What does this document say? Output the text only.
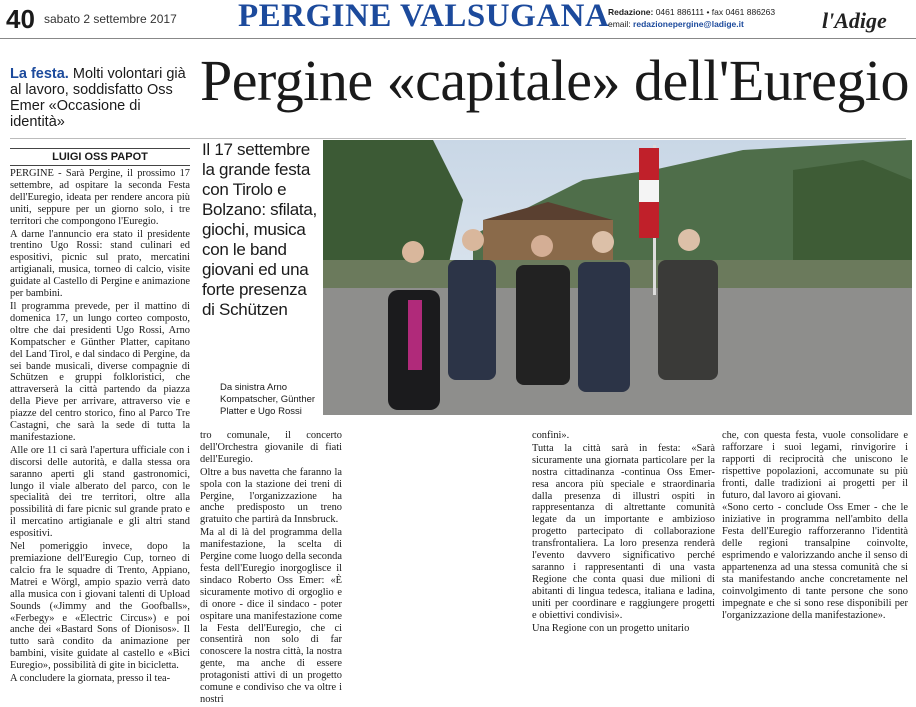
40 sabato 2 settembre 2017 PERGINE VALSUGANA
Redazione: 0461 886111 • fax 0461 886263
email: redazionepergine@ladige.it	l'Adige
La festa. Molti volontari già al lavoro, soddisfatto Oss Emer «Occasione di identità»
Pergine «capitale» dell'Euregio
LUIGI OSS PAPOT	Il 17 settembre la grande festa con Tirolo e Bolzano: sfilata, giochi, musica con le band giovani ed una forte presenza di Schützen
Da sinistra Arno Kompatscher, Günther Platter e Ugo Rossi

PERGINE - Sarà Pergine, il prossimo 17 settembre, ad ospitare la seconda Festa dell'Euregio, ideata per rendere ancora più uniti, seppure per un giorno solo, i tre territori che compongono l'Euregio.

A darne l'annuncio era stato il presidente trentino Ugo Rossi: stand culinari ed espositivi, picnic sul prato, mercatini artigianali, musica, torneo di calcio, visite guidate al Castello di Pergine e animazione per bambini.

Il programma prevede, per il mattino di domenica 17, un lungo corteo composto, oltre che dai presidenti Ugo Rossi, Arno Kompatscher e Günther Platter, capitano del Land Tirol, e dal sindaco di Pergine, da sei bande musicali, diverse compagnie di Schützen e gruppi folkloristici, che attraverserà la città partendo da piazza della Pieve per arrivare, attraverso vie e piazze del centro storico, fino al Parco Tre Castagni, che sarà la sede di tutta la manifestazione.

Alle ore 11 ci sarà l'apertura ufficiale con i discorsi delle autorità, e dalla stessa ora saranno aperti gli stand gastronomici, lungo il viale alberato del parco, con le specialità dei tre territori, oltre alla possibilità di fare picnic sul grande prato e il mercatino artigianale e gli altri stand espositivi.

Nel pomeriggio invece, dopo la premiazione dell'Euregio Cup, torneo di calcio fra le squadre di Trento, Appiano, Matrei e Wörgl, ampio spazio verrà dato alla musica con i giovani talenti di Upload Sounds («Jimmy and the Goofballs», «Ferbegy» e «Electric Circus») e poi anche dei «Bastard Sons of Dionisos». Il tutto sarà condito da animazione per bambini, visite guidate al castello e «Bici Euregio», possibilità di gite in bicicletta.

A concludere la giornata, presso il tea-

tro comunale, il concerto dell'Orchestra giovanile di fiati dell'Euregio.

Oltre a bus navetta che faranno la spola con la stazione dei treni di Pergine, l'organizzazione ha anche predisposto un treno gratuito che partirà da Innsbruck.

Ma al di là del programma della manifestazione, la scelta di Pergine come luogo della seconda festa dell'Euregio inorgoglisce il sindaco Roberto Oss Emer: «È sicuramente motivo di orgoglio e di onore - dice il sindaco - poter ospitare una manifestazione come la Festa dell'Euregio, che ci consentirà non solo di far conoscere la nostra città, la nostra gente, ma anche di essere protagonisti attivi di un progetto comune e condiviso che va oltre i nostri

confini».

Tutta la città sarà in festa: «Sarà sicuramente una giornata particolare per la nostra cittadinanza -continua Oss Emer- resa ancora più speciale e straordinaria dalla presenza di illustri ospiti in rappresentanza di altrettante comunità legate da un importante e ambizioso progetto partecipato di collaborazione transfrontaliera. La loro presenza renderà l'evento davvero significativo perché saranno i rappresentanti di una vasta Regione che conta quasi due milioni di abitanti di lingua tedesca, italiana e ladina, uniti per coordinare e raggiungere progetti e obiettivi condivisi».

Una Regione con un progetto unitario

che, con questa festa, vuole consolidare e rafforzare i suoi legami, rinvigorire i rapporti di reciprocità che uniscono le rispettive popolazioni, accomunate su più fronti, dalle tradizioni ai progetti per il futuro, dal lavoro ai giovani.

«Sono certo - conclude Oss Emer - che le iniziative in programma nell'ambito della Festa dell'Euregio rafforzeranno l'identità delle regioni transalpine coinvolte, esprimendo e valorizzando anche il senso di appartenenza ad una stessa comunità che si sta manifestando anche concretamente nel coinvolgimento di tante persone che sono impegnate e che si sono rese disponibili per l'organizzazione della manifestazione».
